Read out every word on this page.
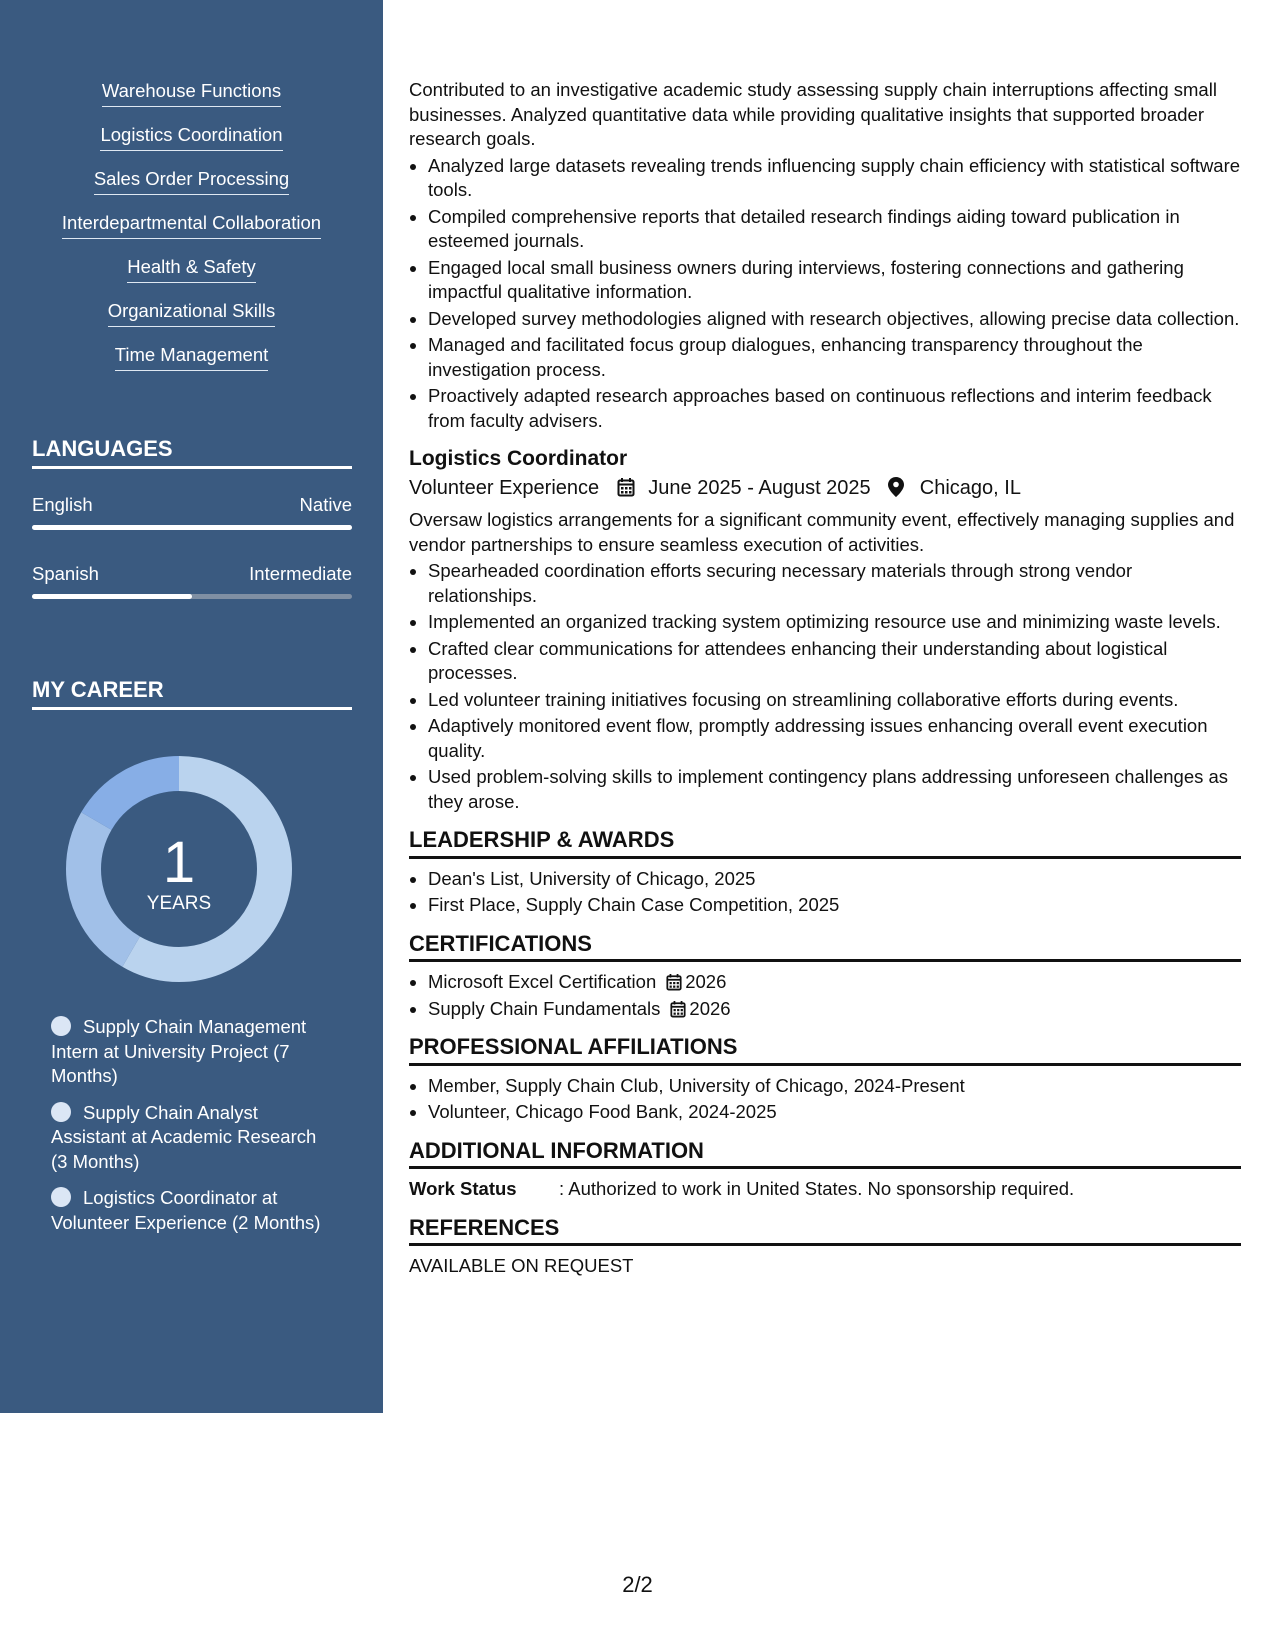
Warehouse Functions
Logistics Coordination
Sales Order Processing
Interdepartmental Collaboration
Health & Safety
Organizational Skills
Time Management
LANGUAGES
English	Native
Spanish	Intermediate
MY CAREER
1
YEARS
Supply Chain Management Intern at University Project (7 Months)
Supply Chain Analyst Assistant at Academic Research (3 Months)
Logistics Coordinator at Volunteer Experience (2 Months)

Contributed to an investigative academic study assessing supply chain interruptions affecting small businesses. Analyzed quantitative data while providing qualitative insights that supported broader research goals.

• Analyzed large datasets revealing trends influencing supply chain efficiency with statistical software tools.
• Compiled comprehensive reports that detailed research findings aiding toward publication in esteemed journals.
• Engaged local small business owners during interviews, fostering connections and gathering impactful qualitative information.
• Developed survey methodologies aligned with research objectives, allowing precise data collection.
• Managed and facilitated focus group dialogues, enhancing transparency throughout the investigation process.
• Proactively adapted research approaches based on continuous reflections and interim feedback from faculty advisers.
Logistics Coordinator
Volunteer Experience June 2025 - August 2025 Chicago, IL

Oversaw logistics arrangements for a significant community event, effectively managing supplies and vendor partnerships to ensure seamless execution of activities.

• Spearheaded coordination efforts securing necessary materials through strong vendor relationships.
• Implemented an organized tracking system optimizing resource use and minimizing waste levels.
• Crafted clear communications for attendees enhancing their understanding about logistical processes.
• Led volunteer training initiatives focusing on streamlining collaborative efforts during events.
• Adaptively monitored event flow, promptly addressing issues enhancing overall event execution quality.
• Used problem-solving skills to implement contingency plans addressing unforeseen challenges as they arose.
LEADERSHIP & AWARDS
• Dean's List, University of Chicago, 2025
• First Place, Supply Chain Case Competition, 2025
CERTIFICATIONS
• Microsoft Excel Certification 2026
• Supply Chain Fundamentals 2026
PROFESSIONAL AFFILIATIONS
• Member, Supply Chain Club, University of Chicago, 2024-Present
• Volunteer, Chicago Food Bank, 2024-2025
ADDITIONAL INFORMATION
Work Status : Authorized to work in United States. No sponsorship required.
REFERENCES
AVAILABLE ON REQUEST
2/2
